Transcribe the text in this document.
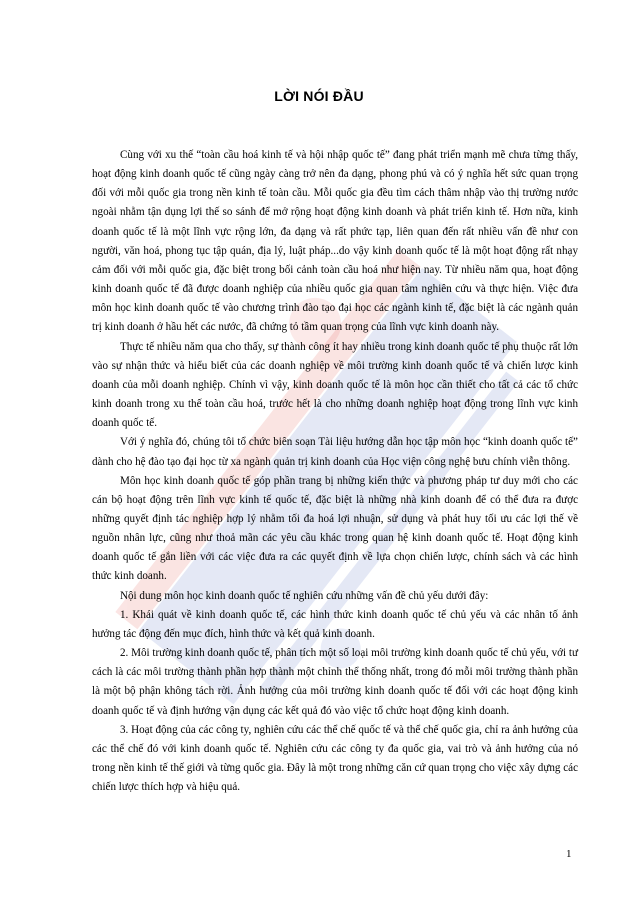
LỜI NÓI ĐẦU

Cùng với xu thế “toàn cầu hoá kinh tế và hội nhập quốc tế” đang phát triển mạnh mẽ chưa từng thấy, hoạt động kinh doanh quốc tế cũng ngày càng trở nên đa dạng, phong phú và có ý nghĩa hết sức quan trọng đối với mỗi quốc gia trong nền kinh tế toàn cầu. Mỗi quốc gia đều tìm cách thâm nhập vào thị trường nước ngoài nhằm tận dụng lợi thế so sánh để mở rộng hoạt động kinh doanh và phát triển kinh tế. Hơn nữa, kinh doanh quốc tế là một lĩnh vực rộng lớn, đa dạng và rất phức tạp, liên quan đến rất nhiều vấn đề như con người, văn hoá, phong tục tập quán, địa lý, luật pháp...do vậy kinh doanh quốc tế là một hoạt động rất nhạy cảm đối với mỗi quốc gia, đặc biệt trong bối cảnh toàn cầu hoá như hiện nay. Từ nhiều năm qua, hoạt động kinh doanh quốc tế đã được doanh nghiệp của nhiều quốc gia quan tâm nghiên cứu và thực hiện. Việc đưa môn học kinh doanh quốc tế vào chương trình đào tạo đại học các ngành kinh tế, đặc biệt là các ngành quản trị kinh doanh ở hầu hết các nước, đã chứng tỏ tầm quan trọng của lĩnh vực kinh doanh này.

Thực tế nhiều năm qua cho thấy, sự thành công ít hay nhiều trong kinh doanh quốc tế phụ thuộc rất lớn vào sự nhận thức và hiểu biết của các doanh nghiệp về môi trường kinh doanh quốc tế và chiến lược kinh doanh của mỗi doanh nghiệp. Chính vì vậy, kinh doanh quốc tế là môn học cần thiết cho tất cả các tổ chức kinh doanh trong xu thế toàn cầu hoá, trước hết là cho những doanh nghiệp hoạt động trong lĩnh vực kinh doanh quốc tế.

Với ý nghĩa đó, chúng tôi tổ chức biên soạn Tài liệu hướng dẫn học tập môn học “kinh doanh quốc tế” dành cho hệ đào tạo đại học từ xa ngành quản trị kinh doanh của Học viện công nghệ bưu chính viễn thông.

Môn học kinh doanh quốc tế góp phần trang bị những kiến thức và phương pháp tư duy mới cho các cán bộ hoạt động trên lĩnh vực kinh tế quốc tế, đặc biệt là những nhà kinh doanh để có thể đưa ra được những quyết định tác nghiệp hợp lý nhằm tối đa hoá lợi nhuận, sử dụng và phát huy tối ưu các lợi thế về nguồn nhân lực, cũng như thoả mãn các yêu cầu khác trong quan hệ kinh doanh quốc tế. Hoạt động kinh doanh quốc tế gắn liền với các việc đưa ra các quyết định về lựa chọn chiến lược, chính sách và các hình thức kinh doanh.

Nội dung môn học kinh doanh quốc tế nghiên cứu những vấn đề chủ yếu dưới đây:

1. Khái quát về kinh doanh quốc tế, các hình thức kinh doanh quốc tế chủ yếu và các nhân tố ảnh hưởng tác động đến mục đích, hình thức và kết quả kinh doanh.

2. Môi trường kinh doanh quốc tế, phân tích một số loại môi trường kinh doanh quốc tế chủ yếu, với tư cách là các môi trường thành phần hợp thành một chỉnh thể thống nhất, trong đó mỗi môi trường thành phần là một bộ phận không tách rời. Ảnh hưởng của môi trường kinh doanh quốc tế đối với các hoạt động kinh doanh quốc tế và định hướng vận dụng các kết quả đó vào việc tổ chức hoạt động kinh doanh.

3. Hoạt động của các công ty, nghiên cứu các thể chế quốc tế và thể chế quốc gia, chỉ ra ảnh hưởng của các thể chế đó với kinh doanh quốc tế. Nghiên cứu các công ty đa quốc gia, vai trò và ảnh hưởng của nó trong nền kinh tế thế giới và từng quốc gia. Đây là một trong những căn cứ quan trọng cho việc xây dựng các chiến lược thích hợp và hiệu quả.

1
